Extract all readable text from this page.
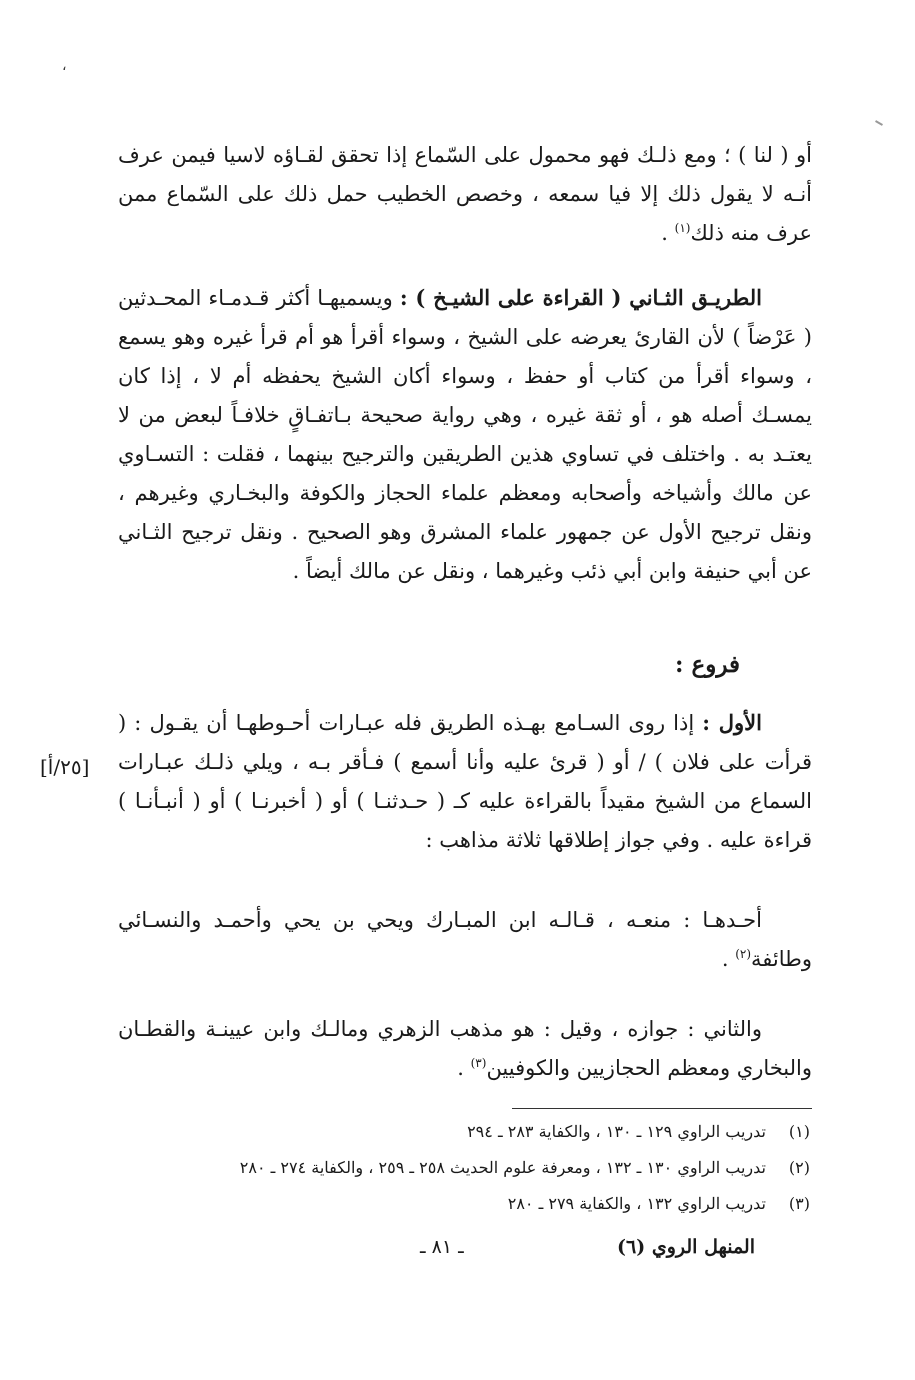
،
أو ( لنا ) ؛ ومع ذلـك فهو محمول على السّماع إذا تحقق لقـاؤه لاسيا فيمن عرف أنـه لا يقول ذلك إلا فيا سمعه ، وخصص الخطيب حمل ذلك على السّماع ممن عرف منه ذلك$^{(١)}$ .
الطريـق الثـاني ( القراءة على الشيـخ ) : ويسميهـا أكثر قـدمـاء المحـدثين ( عَرْضاً ) لأن القارئ يعرضه على الشيخ ، وسواء أقرأ هو أم قرأ غيره وهو يسمع ، وسواء أقرأ من كتاب أو حفظ ، وسواء أكان الشيخ يحفظه أم لا ، إذا كان يمسـك أصله هو ، أو ثقة غيره ، وهي رواية صحيحة بـاتفـاقٍ خلافـاً لبعض من لا يعتـد به . واختلف في تساوي هذين الطريقين والترجيح بينهما ، فقلت : التسـاوي عن مالك وأشياخه وأصحابه ومعظم علماء الحجاز والكوفة والبخـاري وغيرهم ، ونقل ترجيح الأول عن جمهور علماء المشرق وهو الصحيح . ونقل ترجيح الثـاني عن أبي حنيفة وابن أبي ذئب وغيرهما ، ونقل عن مالك أيضاً .
فروع :
الأول : إذا روى السـامع بهـذه الطريق فله عبـارات أحـوطهـا أن يقـول : ( قرأت على فلان ) / أو ( قرئ عليه وأنا أسمع ) فـأقر بـه ، ويلي ذلـك عبـارات السماع من الشيخ مقيداً بالقراءة عليه كـ ( حـدثنـا ) أو ( أخبرنـا ) أو ( أنبـأنـا ) قراءة عليه . وفي جواز إطلاقها ثلاثة مذاهب :
[٢٥/أ]
أحـدهـا : منعـه ، قـالـه ابن المبـارك ويحي بن يحي وأحمـد والنسـائي وطائفة$^{(٢)}$ .
والثاني : جوازه ، وقيل : هو مذهب الزهري ومالـك وابن عيينـة والقطـان والبخاري ومعظم الحجازيين والكوفيين$^{(٣)}$ .
(١)تدريب الراوي ١٢٩ ـ ١٣٠ ، والكفاية ٢٨٣ ـ ٢٩٤
(٢)تدريب الراوي ١٣٠ ـ ١٣٢ ، ومعرفة علوم الحديث ٢٥٨ ـ ٢٥٩ ، والكفاية ٢٧٤ ـ ٢٨٠
(٣)تدريب الراوي ١٣٢ ، والكفاية ٢٧٩ ـ ٢٨٠
المنهل الروي (٦)
ـ ٨١ ـ
